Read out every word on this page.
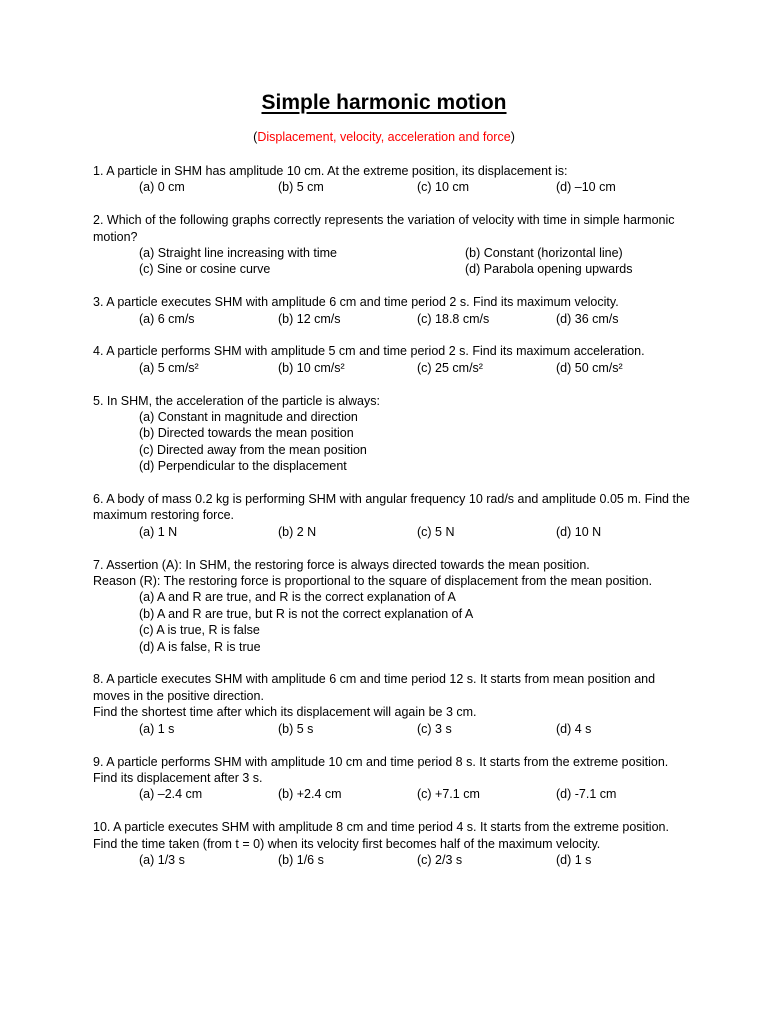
Simple harmonic motion
(Displacement, velocity, acceleration and force)
1. A particle in SHM has amplitude 10 cm. At the extreme position, its displacement is:
(a) 0 cm	(b) 5 cm	(c) 10 cm	(d) –10 cm
2. Which of the following graphs correctly represents the variation of velocity with time in simple harmonic motion?
(a) Straight line increasing with time	(b) Constant (horizontal line)
(c) Sine or cosine curve	(d) Parabola opening upwards
3. A particle executes SHM with amplitude 6 cm and time period 2 s. Find its maximum velocity.
(a) 6 cm/s	(b) 12 cm/s	(c) 18.8 cm/s	(d) 36 cm/s
4. A particle performs SHM with amplitude 5 cm and time period 2 s. Find its maximum acceleration.
(a) 5 cm/s²	(b) 10 cm/s²	(c) 25 cm/s²	(d) 50 cm/s²
5. In SHM, the acceleration of the particle is always:
(a) Constant in magnitude and direction
(b) Directed towards the mean position
(c) Directed away from the mean position
(d) Perpendicular to the displacement
6. A body of mass 0.2 kg is performing SHM with angular frequency 10 rad/s and amplitude 0.05 m. Find the maximum restoring force.
(a) 1 N	(b) 2 N	(c) 5 N	(d) 10 N
7. Assertion (A): In SHM, the restoring force is always directed towards the mean position.
Reason (R): The restoring force is proportional to the square of displacement from the mean position.
(a) A and R are true, and R is the correct explanation of A
(b) A and R are true, but R is not the correct explanation of A
(c) A is true, R is false
(d) A is false, R is true
8. A particle executes SHM with amplitude 6 cm and time period 12 s. It starts from mean position and moves in the positive direction.
Find the shortest time after which its displacement will again be 3 cm.
(a) 1 s	(b) 5 s	(c) 3 s	(d) 4 s
9. A particle performs SHM with amplitude 10 cm and time period 8 s. It starts from the extreme position.
Find its displacement after 3 s.
(a) –2.4 cm	(b) +2.4 cm	(c) +7.1 cm	(d) -7.1 cm
10. A particle executes SHM with amplitude 8 cm and time period 4 s. It starts from the extreme position. Find the time taken (from t = 0) when its velocity first becomes half of the maximum velocity.
(a) 1/3 s	(b) 1/6 s	(c) 2/3 s	(d) 1 s
